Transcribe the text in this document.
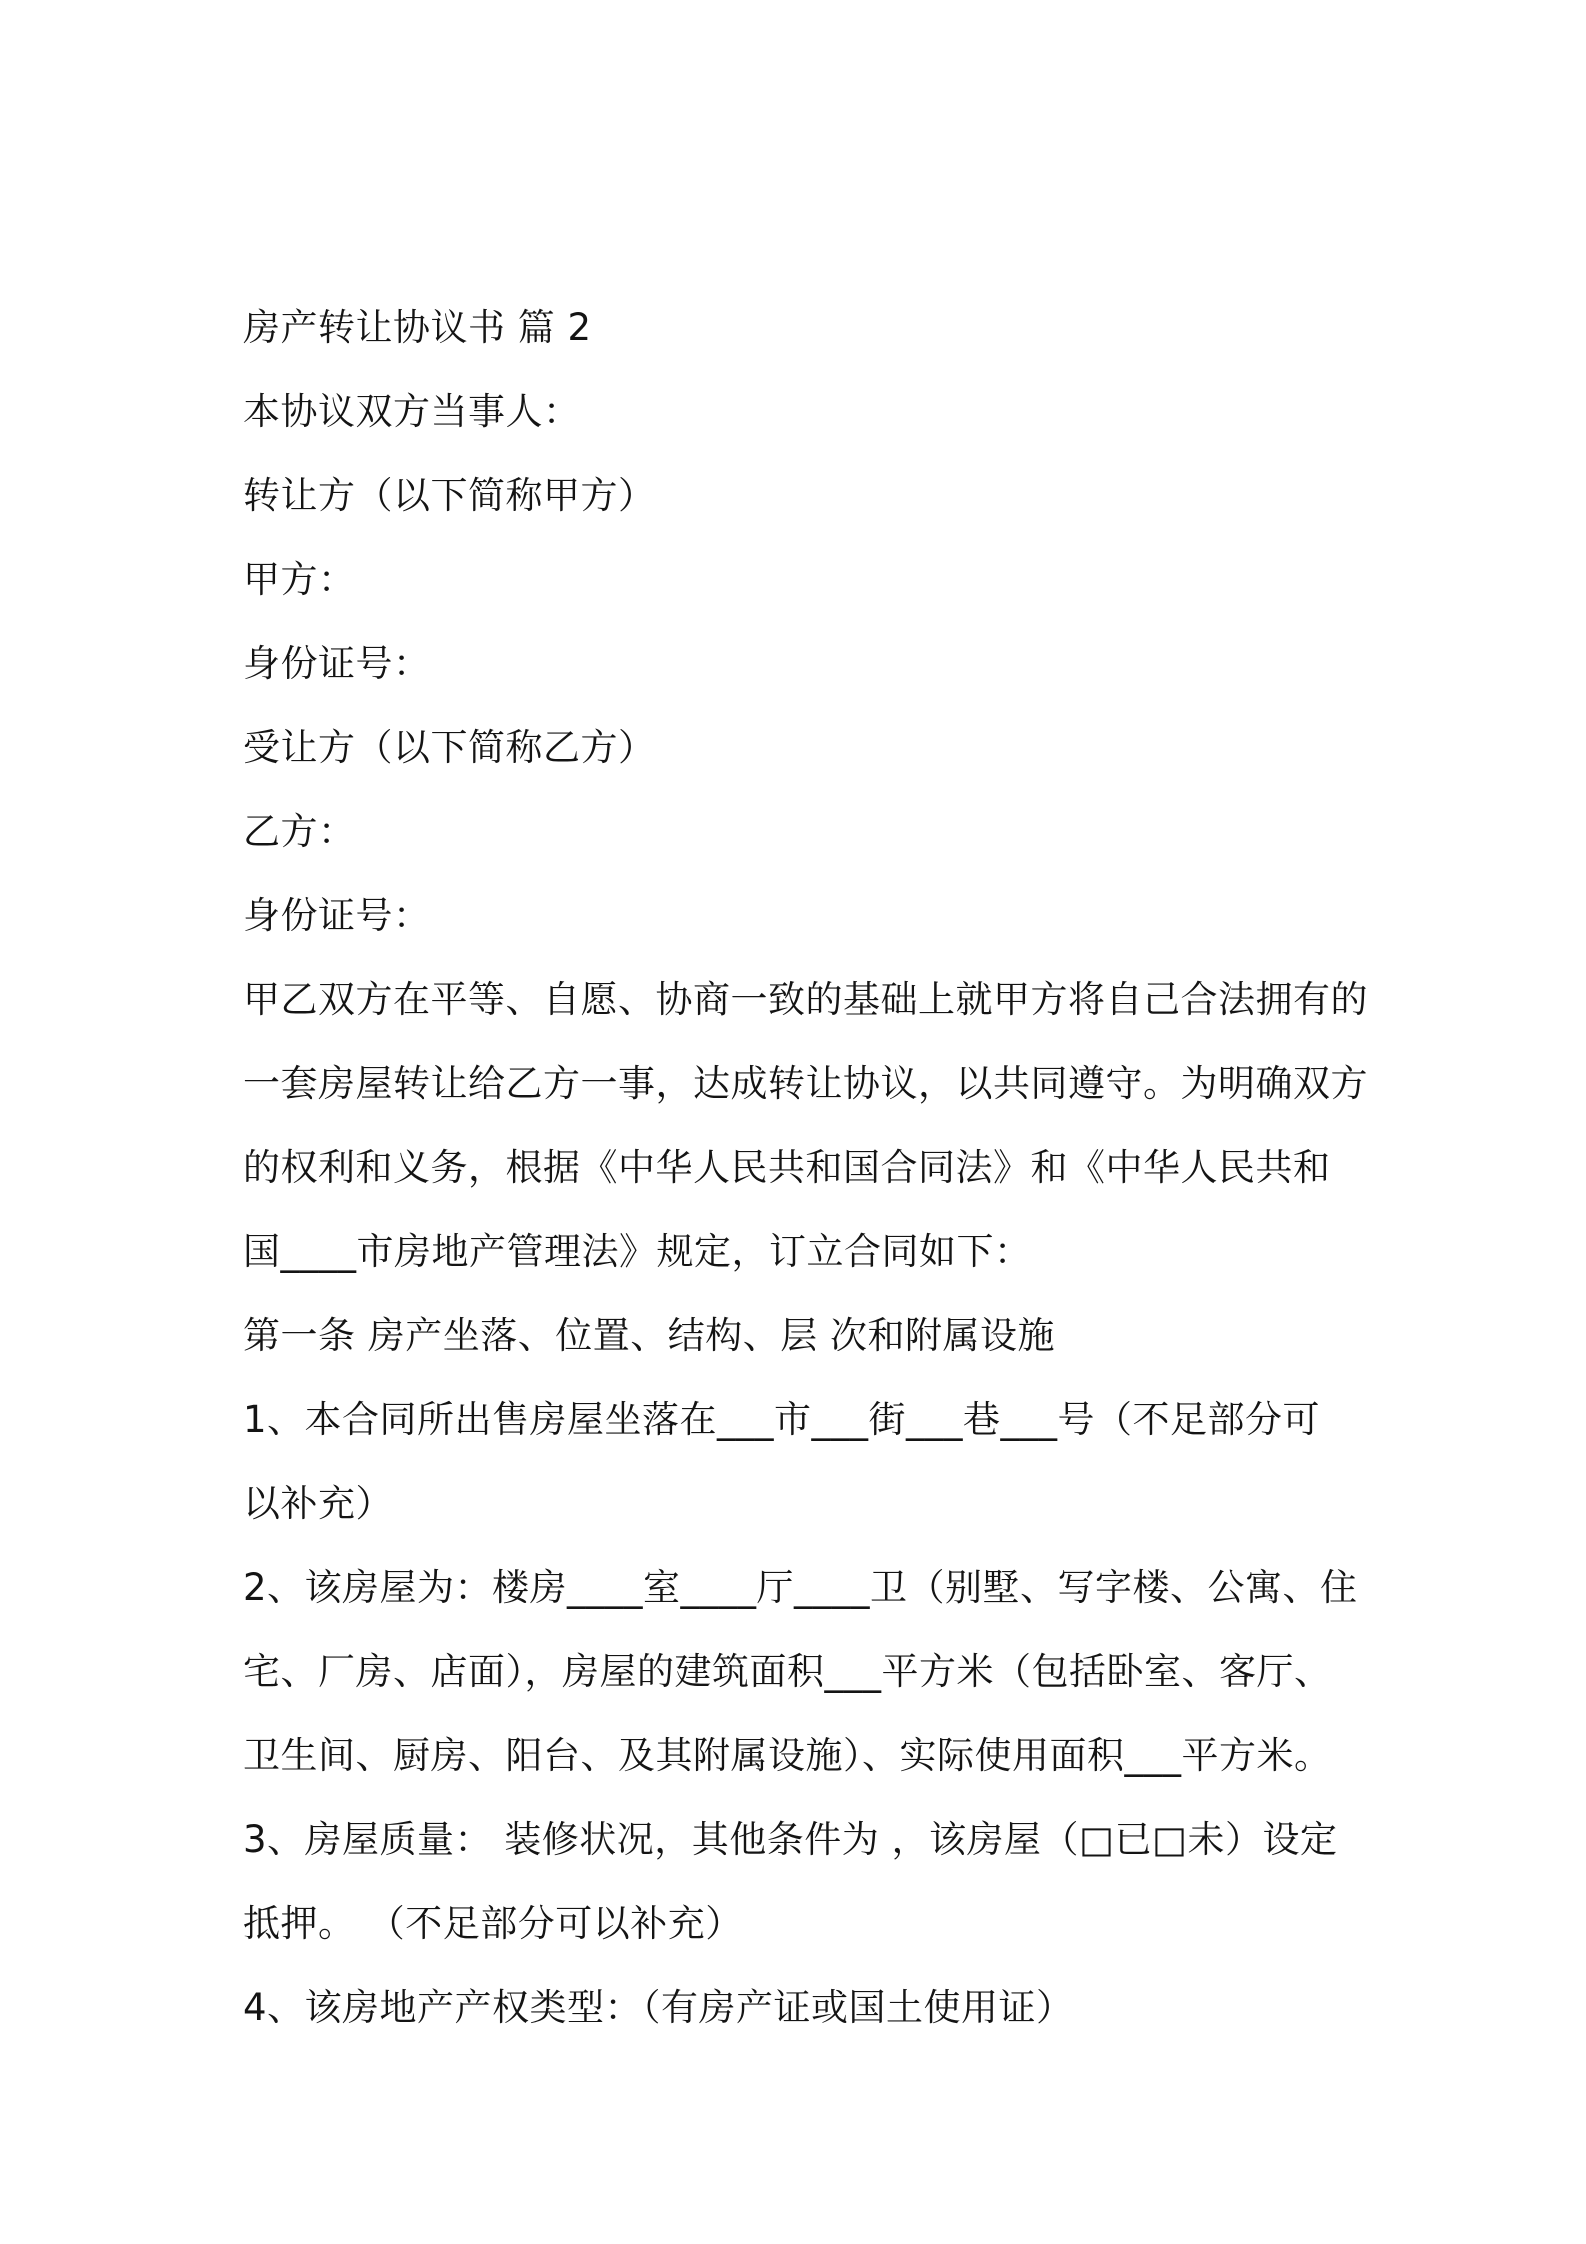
房产转让协议书 篇 2
本协议双方当事人：
转让方（以下简称甲方）
甲方：
身份证号：
受让方（以下简称乙方）
乙方：
身份证号：
甲乙双方在平等、自愿、协商一致的基础上就甲方将自己合法拥有的
一套房屋转让给乙方一事，达成转让协议，以共同遵守。为明确双方
的权利和义务，根据《中华人民共和国合同法》和《中华人民共和
国____市房地产管理法》规定，订立合同如下：
第一条 房产坐落、位置、结构、层 次和附属设施
1、本合同所出售房屋坐落在___市___街___巷___号（不足部分可
以补充）
2、该房屋为：楼房____室____厅____卫（别墅、写字楼、公寓、住
宅、厂房、店面），房屋的建筑面积___平方米（包括卧室、客厅、
卫生间、厨房、阳台、及其附属设施）、实际使用面积___平方米。
3、房屋质量： 装修状况，其他条件为 ，该房屋（□已□未）设定
抵押。 （不足部分可以补充）
4、该房地产产权类型：（有房产证或国土使用证）
